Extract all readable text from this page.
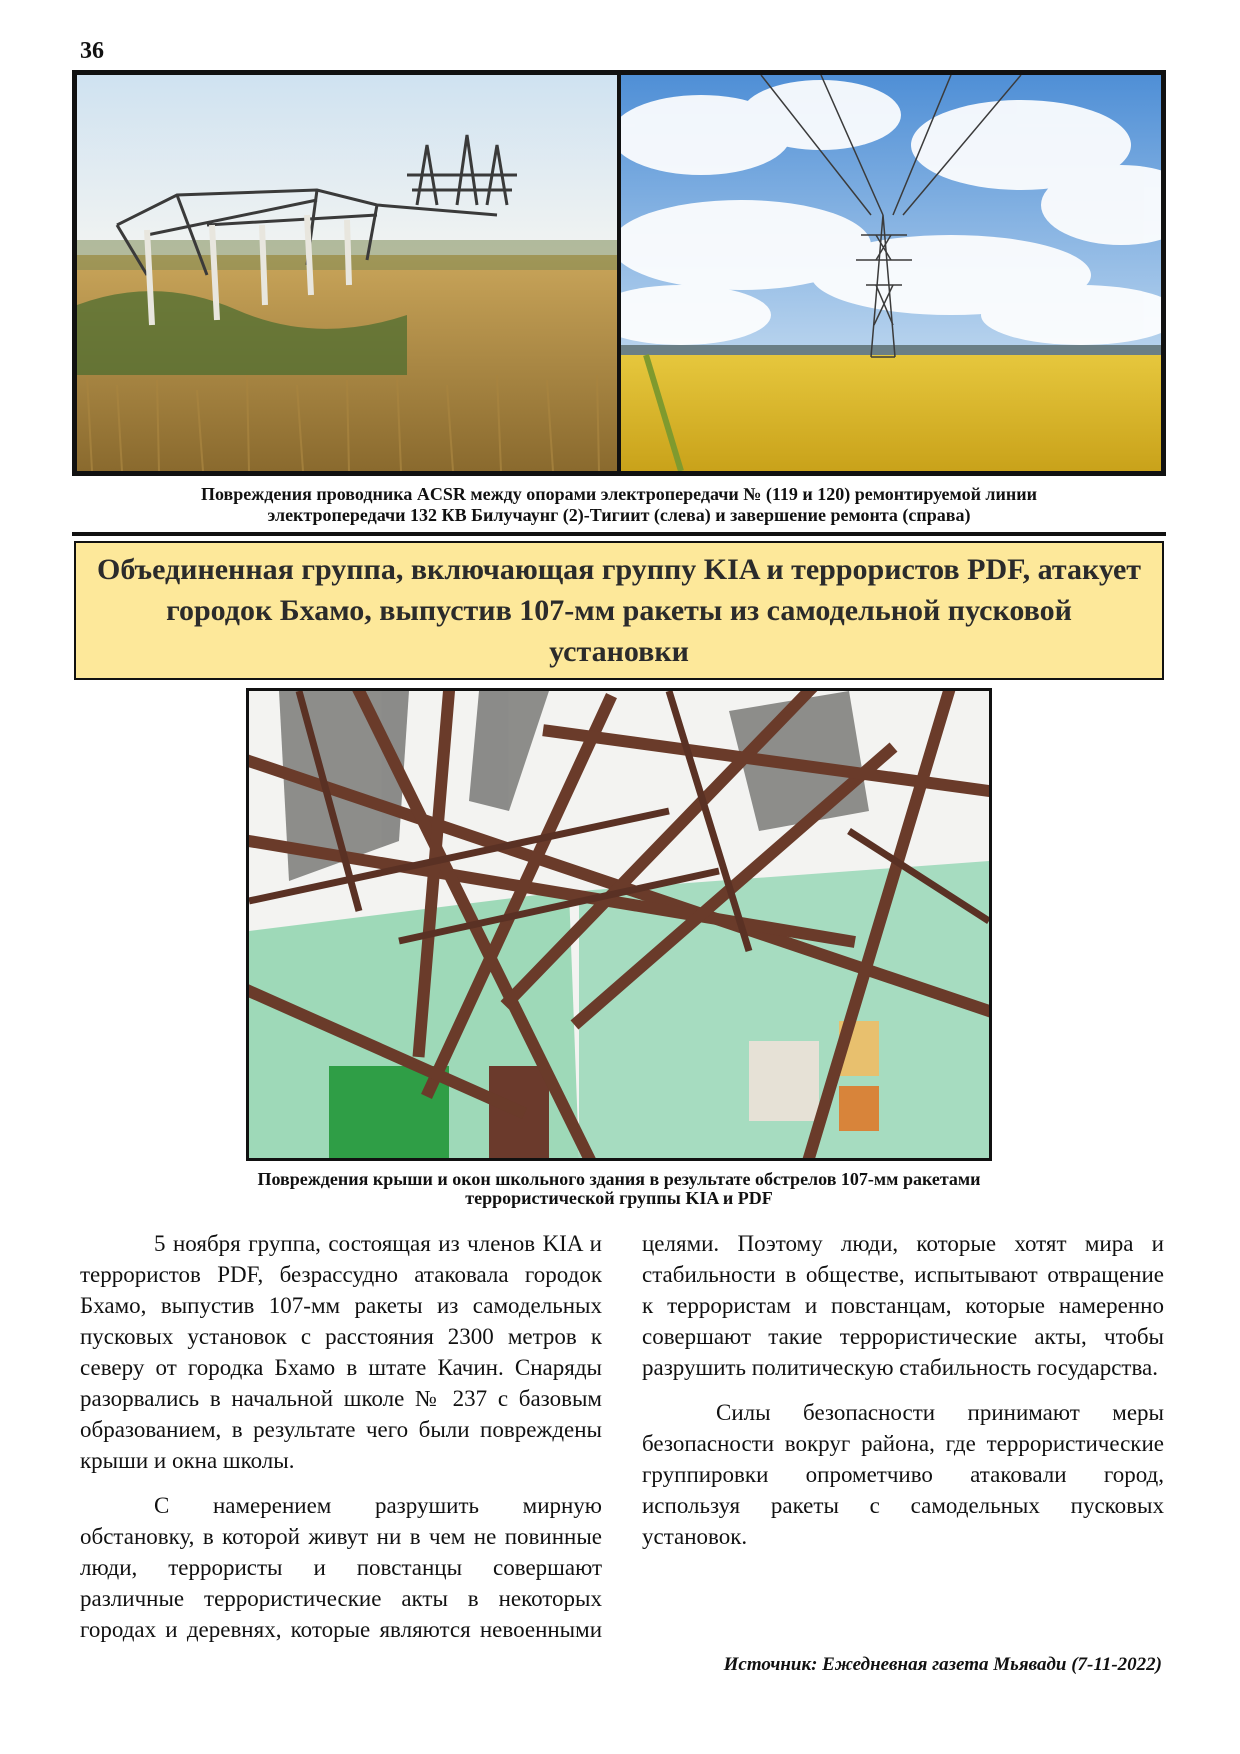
36
Повреждения проводника ACSR между опорами электропередачи № (119 и 120) ремонтируемой линии
электропередачи 132 КВ Билучаунг (2)-Тигиит (слева) и завершение ремонта (справа)
Объединенная группа, включающая группу KIA и террористов PDF, атакует городок Бхамо, выпустив 107-мм ракеты из самодельной пусковой установки
Повреждения крыши и окон школьного здания в результате обстрелов 107-мм ракетами
террористической группы KIA и PDF

5 ноября группа, состоящая из членов KIA и террористов PDF, безрассудно атаковала городок Бхамо, выпустив 107-мм ракеты из самодельных пусковых установок с расстояния 2300 метров к северу от городка Бхамо в штате Качин. Снаряды разорвались в начальной школе № 237 с базовым образованием, в результате чего были повреждены крыши и окна школы.

С намерением разрушить мирную обстановку, в которой живут ни в чем не повинные люди, террористы и повстанцы совершают различные террористические акты в некоторых городах и деревнях, которые являются невоенными целями. Поэтому люди, которые хотят мира и стабильности в обществе, испытывают отвращение к террористам и повстанцам, которые намеренно совершают такие террористические акты, чтобы разрушить политическую стабильность государства.

Силы безопасности принимают меры безопасности вокруг района, где террористические группировки опрометчиво атаковали город, используя ракеты с самодельных пусковых установок.

Источник: Ежедневная газета Мьявади (7-11-2022)
